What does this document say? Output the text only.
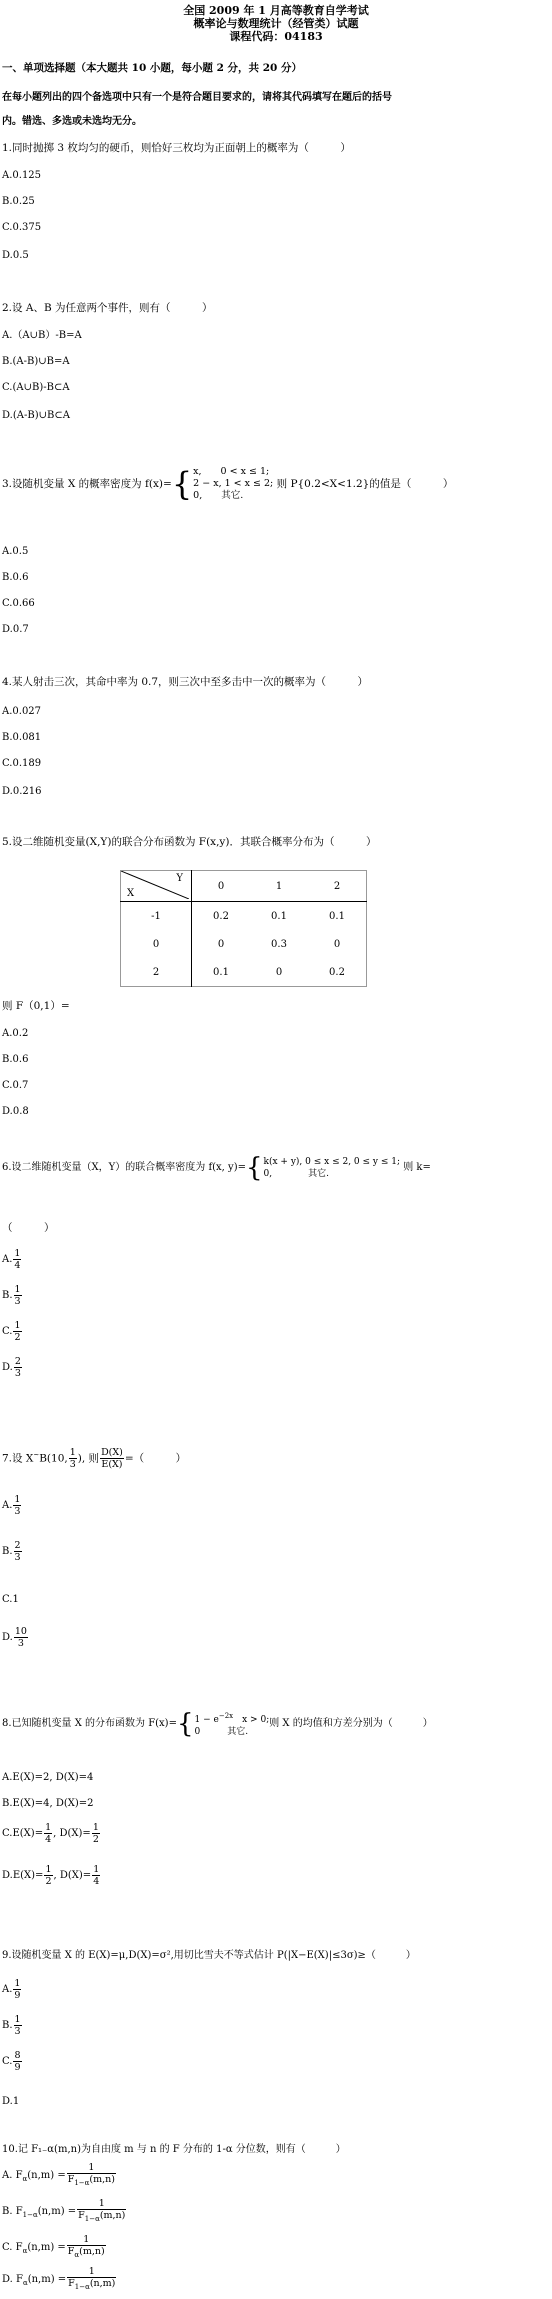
全国 2009 年 1 月高等教育自学考试
概率论与数理统计（经管类）试题
课程代码：04183
一、单项选择题（本大题共 10 小题，每小题 2 分，共 20 分）
在每小题列出的四个备选项中只有一个是符合题目要求的，请将其代码填写在题后的括号
内。错选、多选或未选均无分。
1.同时抛掷 3 枚均匀的硬币，则恰好三枚均为正面朝上的概率为（　　　）
A.0.125
B.0.25
C.0.375
D.0.5
2.设 A、B 为任意两个事件，则有（　　　）
A.（A∪B）-B=A
B.(A-B)∪B=A
C.(A∪B)-B⊂A
D.(A-B)∪B⊂A
3.设随机变量 X 的概率密度为 f(x)={ x,　　0 < x ≤ 1;
2 − x, 1 < x ≤ 2;
0,　　其它.
则 P{0.2<X<1.2}的值是（　　　）
A.0.5
B.0.6
C.0.66
D.0.7
4.某人射击三次，其命中率为 0.7，则三次中至多击中一次的概率为（　　　）
A.0.027
B.0.081
C.0.189
D.0.216
5.设二维随机变量(X,Y)的联合分布函数为 F(x,y)．其联合概率分布为（　　　）
Y
X	0	1	2
-1	0.2	0.1	0.1
0	0	0.3	0
2	0.1	0	0.2
则 F（0,1）=
A.0.2
B.0.6
C.0.7
D.0.8
6.设二维随机变量（X，Y）的联合概率密度为 f(x, y)={ k(x + y), 0 ≤ x ≤ 2, 0 ≤ y ≤ 1;
0,　　　　其它.
则 k=
（　　　）
A. $\frac{1}{4}$
B. $\frac{1}{3}$
C. $\frac{1}{2}$
D. $\frac{2}{3}$
7.设 X~B(10, $\frac{1}{3}$ ), 则 $\frac{D(X)}{E(X)}$ =（　　　）
A. $\frac{1}{3}$
B. $\frac{2}{3}$
C.1
D. $\frac{10}{3}$
8.已知随机变量 X 的分布函数为 F(x)={ $1 - e^{-2x}$　x > 0;
0　　　其它.
则 X 的均值和方差分别为（　　　）
A.E(X)=2, D(X)=4
B.E(X)=4, D(X)=2
$C.E(X)= \frac{1}{4}$ , $D(X)= \frac{1}{2}$
$D.E(X)= \frac{1}{2}$ , $D(X)= \frac{1}{4}$
9.设随机变量 X 的 E(X)=μ,D(X)=σ²,用切比雪夫不等式估计 P(|X−E(X)|≤3σ)≥（　　　）
A. $\frac{1}{9}$
B. $\frac{1}{3}$
C. $\frac{8}{9}$
D.1
10.记 F₁₋α(m,n)为自由度 m 与 n 的 F 分布的 1-α 分位数，则有（　　　）
A. $F_\alpha(n,m) = \frac{1}{F_{1-\alpha}(m,n)}$
B. $F_{1-\alpha}(n,m) = \frac{1}{F_{1-\alpha}(m,n)}$
C. $F_\alpha(n,m) = \frac{1}{F_\alpha(m,n)}$
D. $F_\alpha(n,m) = \frac{1}{F_{1-\alpha}(n,m)}$
